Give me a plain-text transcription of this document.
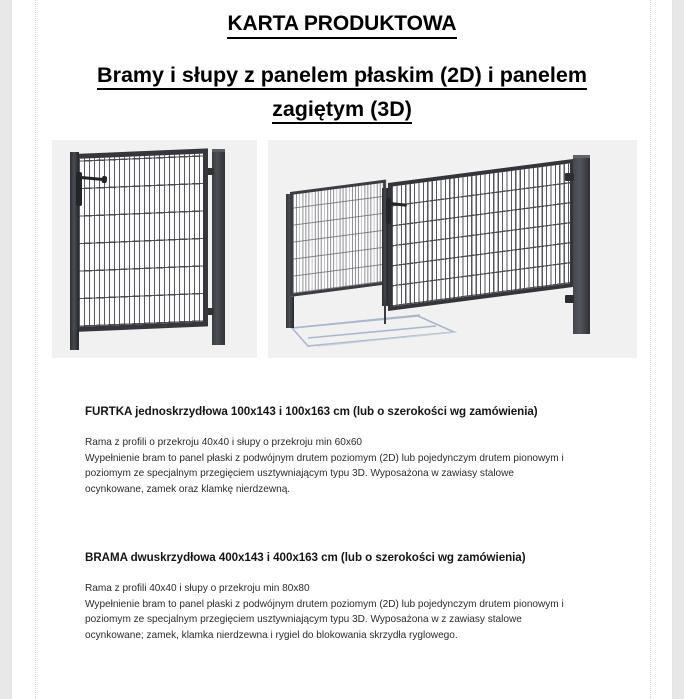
KARTA PRODUKTOWA
Bramy i słupy z panelem płaskim (2D) i panelem
zagiętym (3D)
FURTKA jednoskrzydłowa 100x143 i 100x163 cm (lub o szerokości wg zamówienia)

Rama z profili o przekroju 40x40 i słupy o przekroju min 60x60

Wypełnienie bram to panel płaski z podwójnym drutem poziomym (2D) lub pojedynczym drutem pionowym i

poziomym ze specjalnym przegięciem usztywniającym typu 3D. Wyposażona w zawiasy stalowe

ocynkowane, zamek oraz klamkę nierdzewną.

BRAMA dwuskrzydłowa 400x143 i 400x163 cm (lub o szerokości wg zamówienia)

Rama z profili 40x40 i słupy o przekroju min 80x80

Wypełnienie bram to panel płaski z podwójnym drutem poziomym (2D) lub pojedynczym drutem pionowym i

poziomym ze specjalnym przegięciem usztywniającym typu 3D. Wyposażona w z zawiasy stalowe

ocynkowane; zamek, klamka nierdzewna i rygiel do blokowania skrzydła ryglowego.
